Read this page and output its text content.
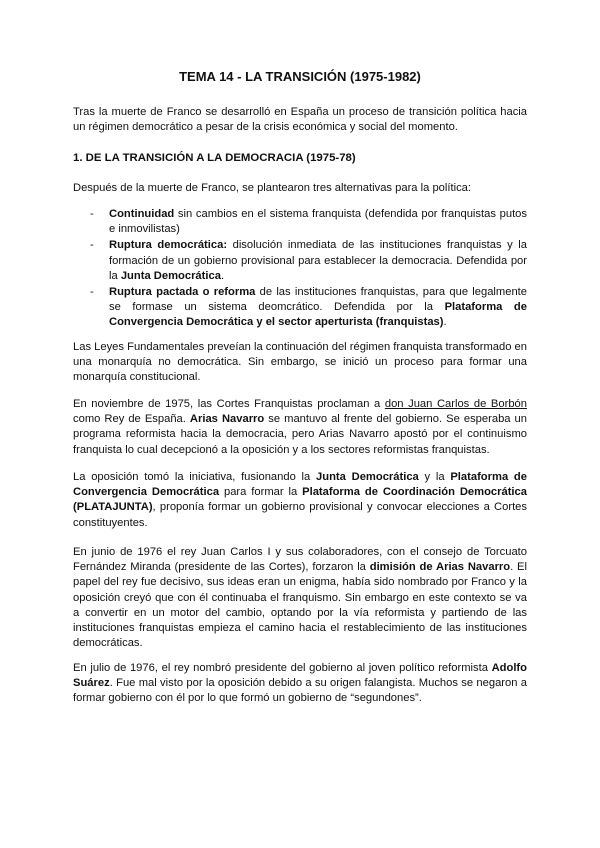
TEMA 14 - LA TRANSICIÓN (1975-1982)

Tras la muerte de Franco se desarrolló en España un proceso de transición política hacia un régimen democrático a pesar de la crisis económica y social del momento.

1. DE LA TRANSICIÓN A LA DEMOCRACIA (1975-78)

Después de la muerte de Franco, se plantearon tres alternativas para la política:

- Continuidad sin cambios en el sistema franquista (defendida por franquistas putos e inmovilistas)
- Ruptura democrática: disolución inmediata de las instituciones franquistas y la formación de un gobierno provisional para establecer la democracia. Defendida por la Junta Democrática.
- Ruptura pactada o reforma de las instituciones franquistas, para que legalmente se formase un sistema deomcrático. Defendida por la Plataforma de Convergencia Democrática y el sector aperturista (franquistas).

Las Leyes Fundamentales preveían la continuación del régimen franquista transformado en una monarquía no democrática. Sin embargo, se inició un proceso para formar una monarquía constitucional.

En noviembre de 1975, las Cortes Franquistas proclaman a don Juan Carlos de Borbón como Rey de España. Arias Navarro se mantuvo al frente del gobierno. Se esperaba un programa reformista hacia la democracia, pero Arias Navarro apostó por el continuismo franquista lo cual decepcionó a la oposición y a los sectores reformistas franquistas.

La oposición tomó la iniciativa, fusionando la Junta Democrática y la Plataforma de Convergencia Democrática para formar la Plataforma de Coordinación Democrática (PLATAJUNTA), proponía formar un gobierno provisional y convocar elecciones a Cortes constituyentes.

En junio de 1976 el rey Juan Carlos I y sus colaboradores, con el consejo de Torcuato Fernández Miranda (presidente de las Cortes), forzaron la dimisión de Arias Navarro. El papel del rey fue decisivo, sus ideas eran un enigma, había sido nombrado por Franco y la oposición creyó que con él continuaba el franquismo. Sin embargo en este contexto se va a convertir en un motor del cambio, optando por la vía reformista y partiendo de las instituciones franquistas empieza el camino hacia el restablecimiento de las instituciones democráticas.

En julio de 1976, el rey nombró presidente del gobierno al joven político reformista Adolfo Suárez. Fue mal visto por la oposición debido a su origen falangista. Muchos se negaron a formar gobierno con él por lo que formó un gobierno de “segundones”.
